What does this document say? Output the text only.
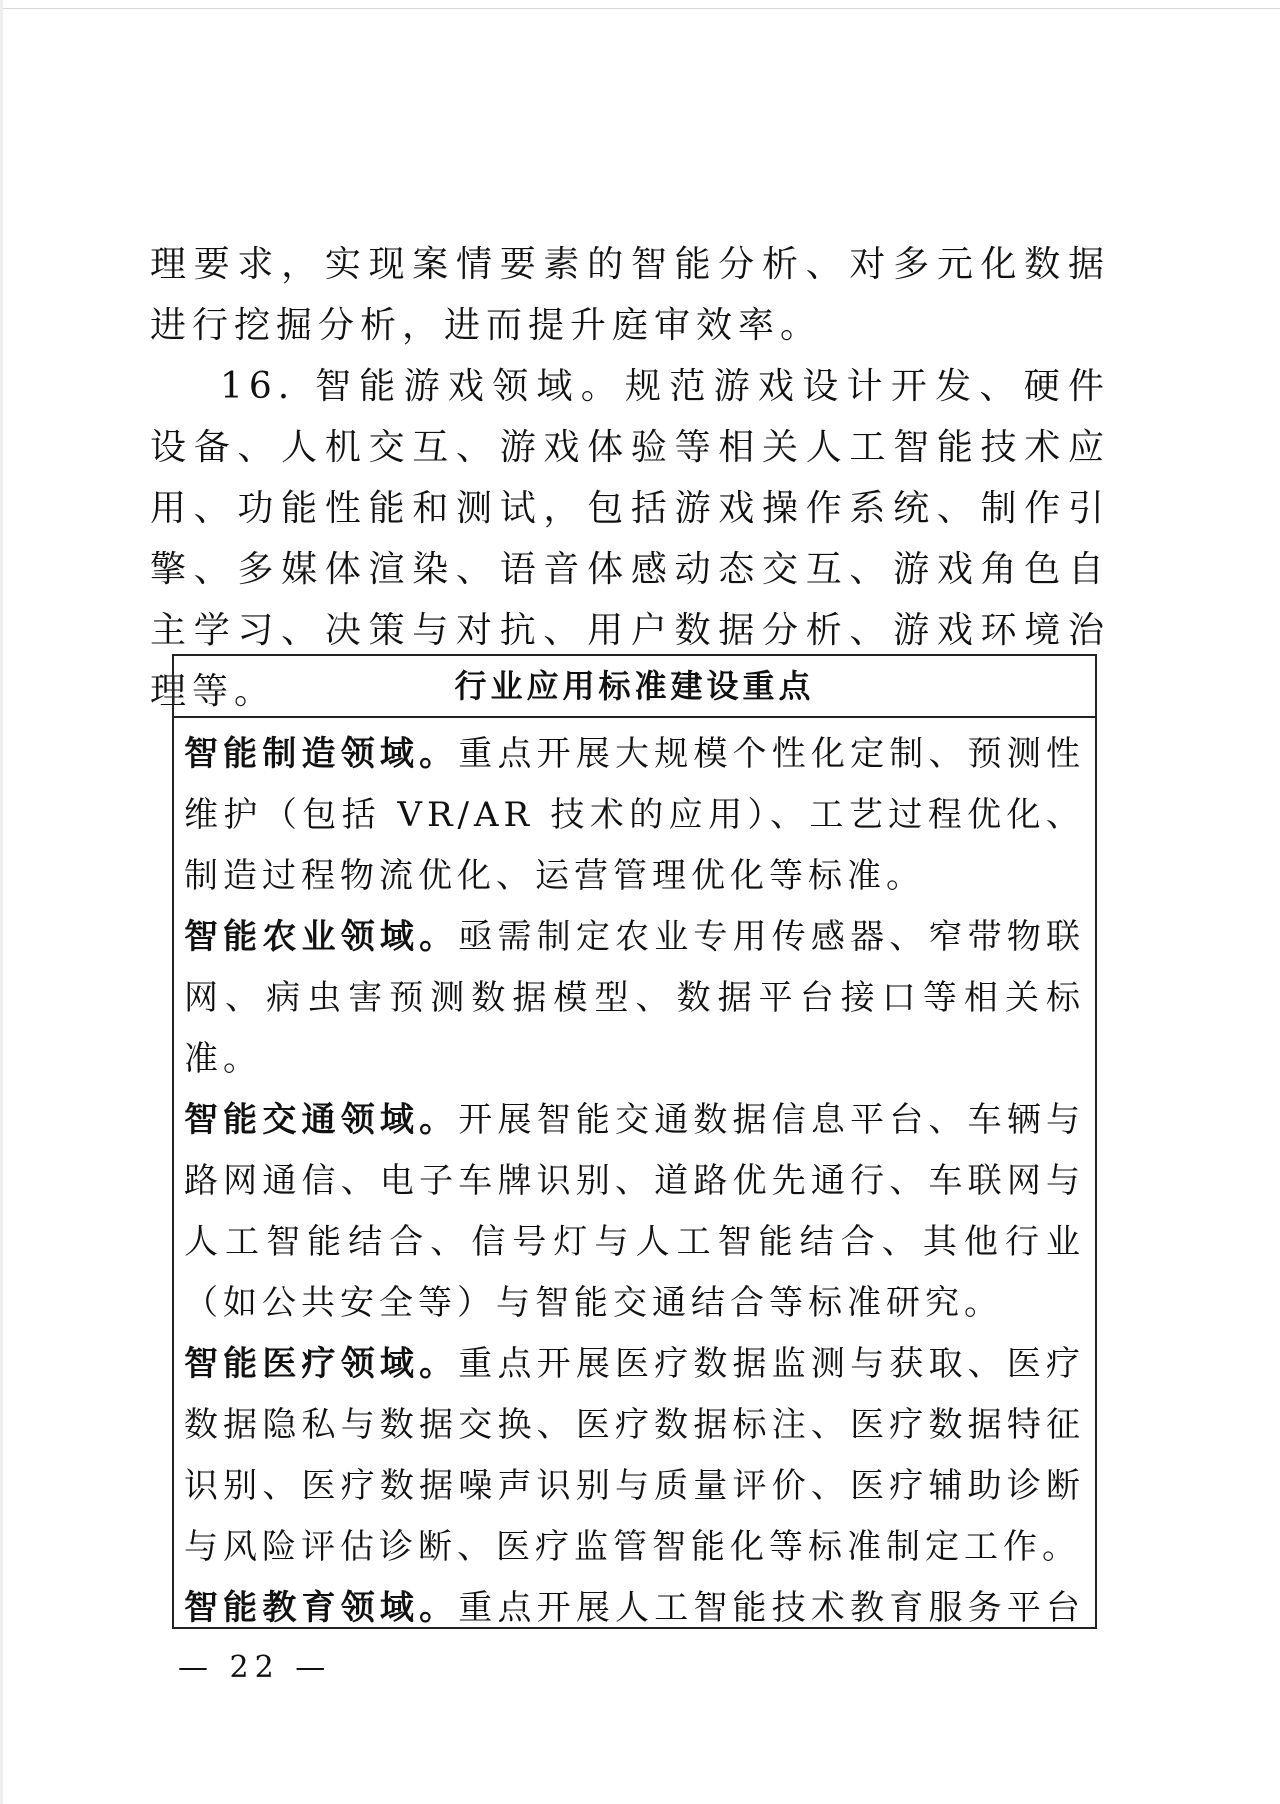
理要求，实现案情要素的智能分析、对多元化数据进行挖掘分析，进而提升庭审效率。

16. 智能游戏领域。规范游戏设计开发、硬件设备、人机交互、游戏体验等相关人工智能技术应用、功能性能和测试，包括游戏操作系统、制作引擎、多媒体渲染、语音体感动态交互、游戏角色自主学习、决策与对抗、用户数据分析、游戏环境治理等。	行业应用标准建设重点
智能制造领域。重点开展大规模个性化定制、预测性维护（包括 VR/AR 技术的应用）、工艺过程优化、制造过程物流优化、运营管理优化等标准。
智能农业领域。亟需制定农业专用传感器、窄带物联网、病虫害预测数据模型、数据平台接口等相关标准。
智能交通领域。开展智能交通数据信息平台、车辆与路网通信、电子车牌识别、道路优先通行、车联网与人工智能结合、信号灯与人工智能结合、其他行业（如公共安全等）与智能交通结合等标准研究。
智能医疗领域。重点开展医疗数据监测与获取、医疗数据隐私与数据交换、医疗数据标注、医疗数据特征识别、医疗数据噪声识别与质量评价、医疗辅助诊断与风险评估诊断、医疗监管智能化等标准制定工作。
智能教育领域。重点开展人工智能技术教育服务平台
— 22 —
